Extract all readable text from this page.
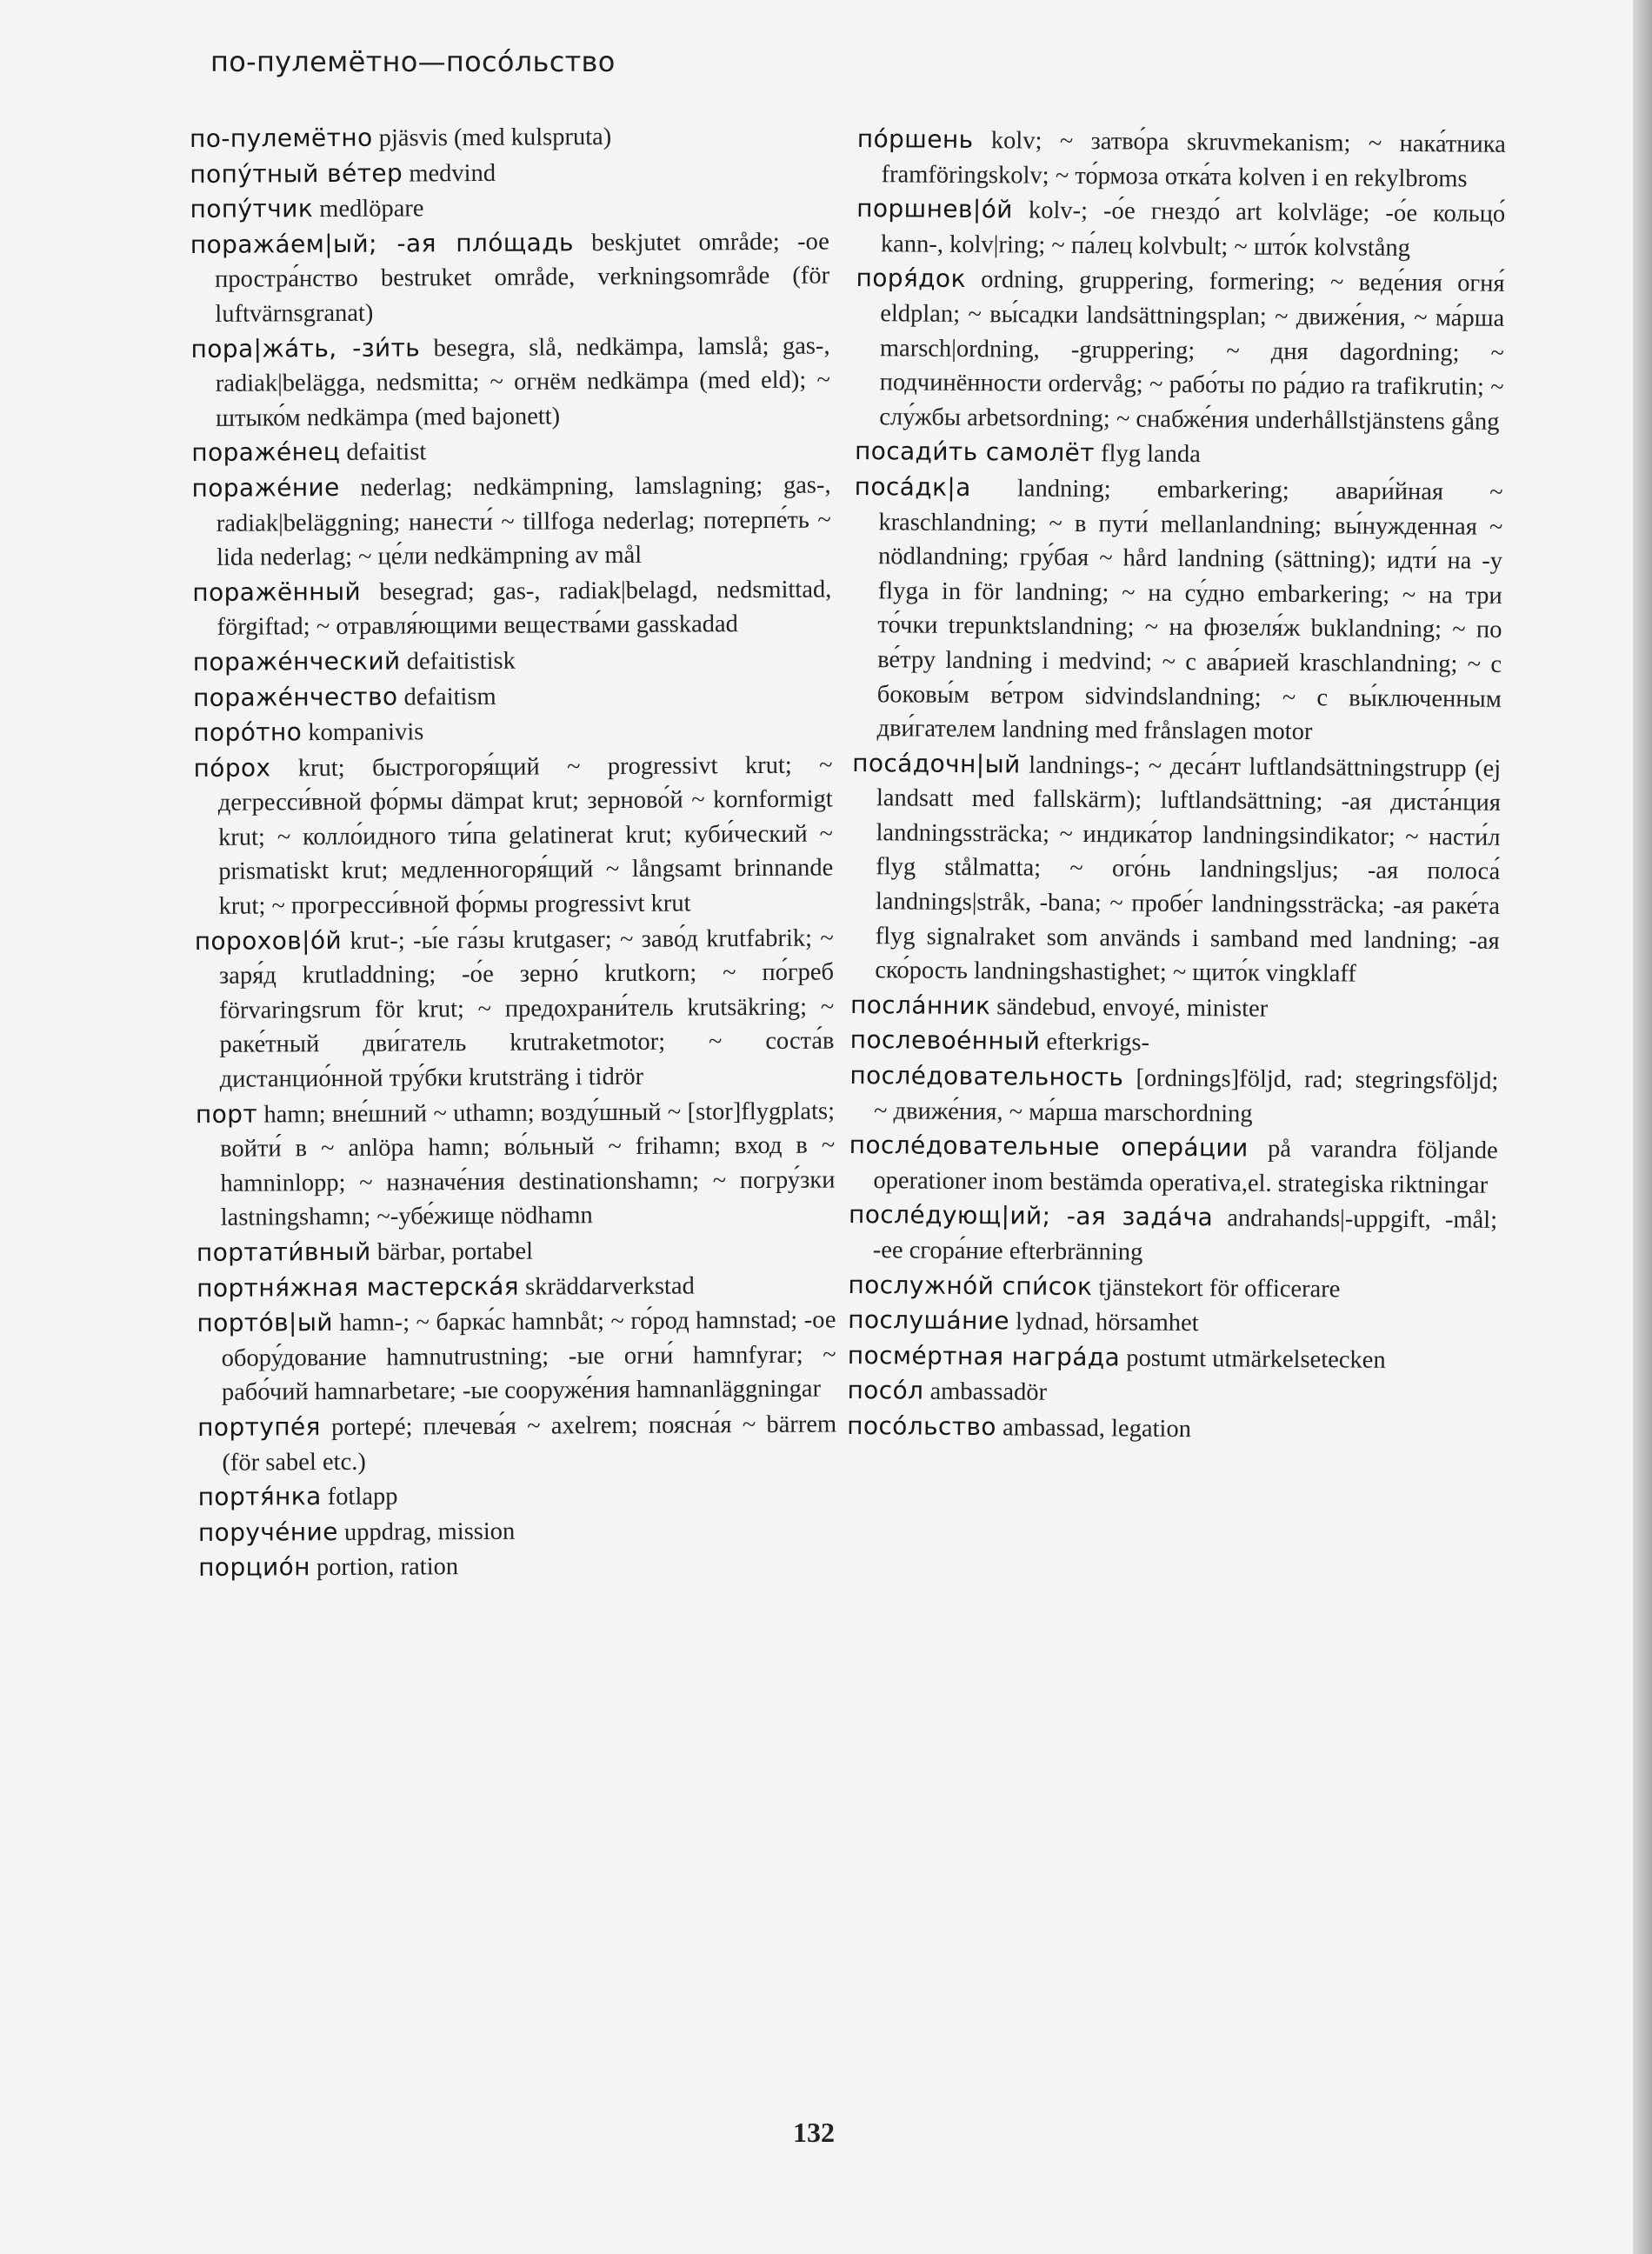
по-пулемётно—посо́льство
по-пулемётно pjäsvis (med kulspruta)
попу́тный ве́тер medvind
попу́тчик medlöpare
поража́ем|ый; -ая пло́щадь beskjutet område; -ое простра́нство bestruket område, verkningsområde (för luftvärnsgranat)
пора|жа́ть, -зи́ть besegra, slå, nedkämpa, lamslå; gas-, radiak|belägga, nedsmitta; ~ огнём nedkämpa (med eld); ~ штыко́м nedkämpa (med bajonett)
пораже́нец defaitist
пораже́ние nederlag; nedkämpning, lamslagning; gas-, radiak|beläggning; нанести́ ~ tillfoga nederlag; потерпе́ть ~ lida nederlag; ~ це́ли nedkämpning av mål
поражённый besegrad; gas-, radiak|belagd, nedsmittad, förgiftad; ~ отравля́ющими вещества́ми gasskadad
пораже́нческий defaitistisk
пораже́нчество defaitism
поро́тно kompanivis
по́рох krut; быстрогоря́щий ~ progressivt krut; ~ дегресси́вной фо́рмы dämpat krut; зерново́й ~ kornformigt krut; ~ колло́идного ти́па gelatinerat krut; куби́ческий ~ prismatiskt krut; медленногоря́щий ~ långsamt brinnande krut; ~ прогресси́вной фо́рмы progressivt krut
порохов|о́й krut-; -ы́е га́зы krutgaser; ~ заво́д krutfabrik; ~ заря́д krutladdning; -о́е зерно́ krutkorn; ~ по́греб förvaringsrum för krut; ~ предохрани́тель krutsäkring; ~ раке́тный дви́гатель krutraketmotor; ~ соста́в дистанцио́нной тру́бки krutsträng i tidrör
порт hamn; вне́шний ~ uthamn; возду́шный ~ [stor]flygplats; войти́ в ~ anlöpa hamn; во́льный ~ frihamn; вход в ~ hamninlopp; ~ назначе́ния destinationshamn; ~ погру́зки lastningshamn; ~-убе́жище nödhamn
портати́вный bärbar, portabel
портня́жная мастерска́я skräddarverkstad
порто́в|ый hamn-; ~ барка́с hamnbåt; ~ го́род hamnstad; -ое обору́дование hamnutrustning; -ые огни́ hamnfyrar; ~ рабо́чий hamnarbetare; -ые сооруже́ния hamnanläggningar
портупе́я portepé; плечева́я ~ axelrem; поясна́я ~ bärrem (för sabel etc.)
портя́нка fotlapp
поруче́ние uppdrag, mission
порцио́н portion, ration
по́ршень kolv; ~ затво́ра skruvmekanism; ~ нака́тника framföringskolv; ~ то́рмоза отка́та kolven i en rekylbroms
поршнев|о́й kolv-; -о́е гнездо́ art kolvläge; -о́е кольцо́ kann-, kolv|ring; ~ па́лец kolvbult; ~ што́к kolvstång
поря́док ordning, gruppering, formering; ~ веде́ния огня́ eldplan; ~ вы́садки landsättningsplan; ~ движе́ния, ~ ма́рша marsch|ordning, -gruppering; ~ дня dagordning; ~ подчинённости ordervåg; ~ рабо́ты по ра́дио ra trafikrutin; ~ слу́жбы arbetsordning; ~ снабже́ния underhållstjänstens gång
посади́ть самолёт flyg landa
поса́дк|а landning; embarkering; авари́йная ~ kraschlandning; ~ в пути́ mellanlandning; вы́нужденная ~ nödlandning; гру́бая ~ hård landning (sättning); идти́ на -у flyga in för landning; ~ на су́дно embarkering; ~ на три то́чки trepunktslandning; ~ на фюзеля́ж buklandning; ~ по ве́тру landning i medvind; ~ с ава́рией kraschlandning; ~ с боковы́м ве́тром sidvindslandning; ~ с вы́ключенным дви́гателем landning med frånslagen motor
поса́дочн|ый landnings-; ~ деса́нт luftlandsättningstrupp (ej landsatt med fallskärm); luftlandsättning; -ая диста́нция landningssträcka; ~ индика́тор landningsindikator; ~ насти́л flyg stålmatta; ~ ого́нь landningsljus; -ая полоса́ landnings|stråk, -bana; ~ пробе́г landningssträcka; -ая раке́та flyg signalraket som används i samband med landning; -ая ско́рость landningshastighet; ~ щито́к vingklaff
посла́нник sändebud, envoyé, minister
послевое́нный efterkrigs-
после́довательность [ordnings]följd, rad; stegringsföljd; ~ движе́ния, ~ ма́рша marschordning
после́довательные опера́ции på varandra följande operationer inom bestämda operativa,el. strategiska riktningar
после́дующ|ий; -ая зада́ча andrahands|-uppgift, -mål; -ее сгора́ние efterbränning
послужно́й спи́сок tjänstekort för officerare
послуша́ние lydnad, hörsamhet
посме́ртная награ́да postumt utmärkelsetecken
посо́л ambassadör
посо́льство ambassad, legation
132
